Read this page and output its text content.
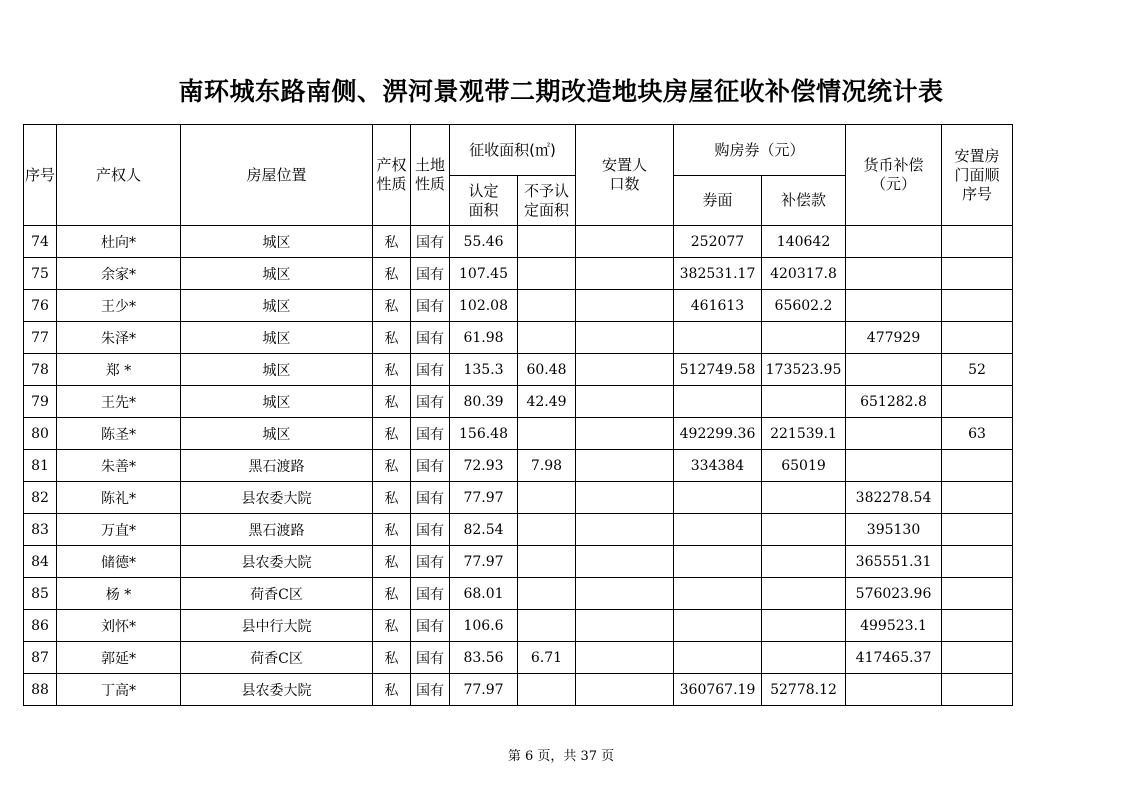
南环城东路南侧、淠河景观带二期改造地块房屋征收补偿情况统计表
序号	产权人	房屋位置	产权性质	土地性质	征收面积(㎡)		安置人口数	购房券（元）		货币补偿（元）	安置房门面顺序号
					认定面积	不予认定面积		券面	补偿款		
74	杜向*	城区	私	国有	55.46			252077	140642		
75	余家*	城区	私	国有	107.45			382531.17	420317.8		
76	王少*	城区	私	国有	102.08			461613	65602.2		
77	朱泽*	城区	私	国有	61.98					477929	
78	郑 *	城区	私	国有	135.3	60.48		512749.58	173523.95		52
79	王先*	城区	私	国有	80.39	42.49				651282.8	
80	陈圣*	城区	私	国有	156.48			492299.36	221539.1		63
81	朱善*	黑石渡路	私	国有	72.93	7.98		334384	65019		
82	陈礼*	县农委大院	私	国有	77.97					382278.54	
83	万直*	黑石渡路	私	国有	82.54					395130	
84	储德*	县农委大院	私	国有	77.97					365551.31	
85	杨 *	荷香C区	私	国有	68.01					576023.96	
86	刘怀*	县中行大院	私	国有	106.6					499523.1	
87	郭延*	荷香C区	私	国有	83.56	6.71				417465.37	
88	丁高*	县农委大院	私	国有	77.97			360767.19	52778.12		
第 6 页，共 37 页
